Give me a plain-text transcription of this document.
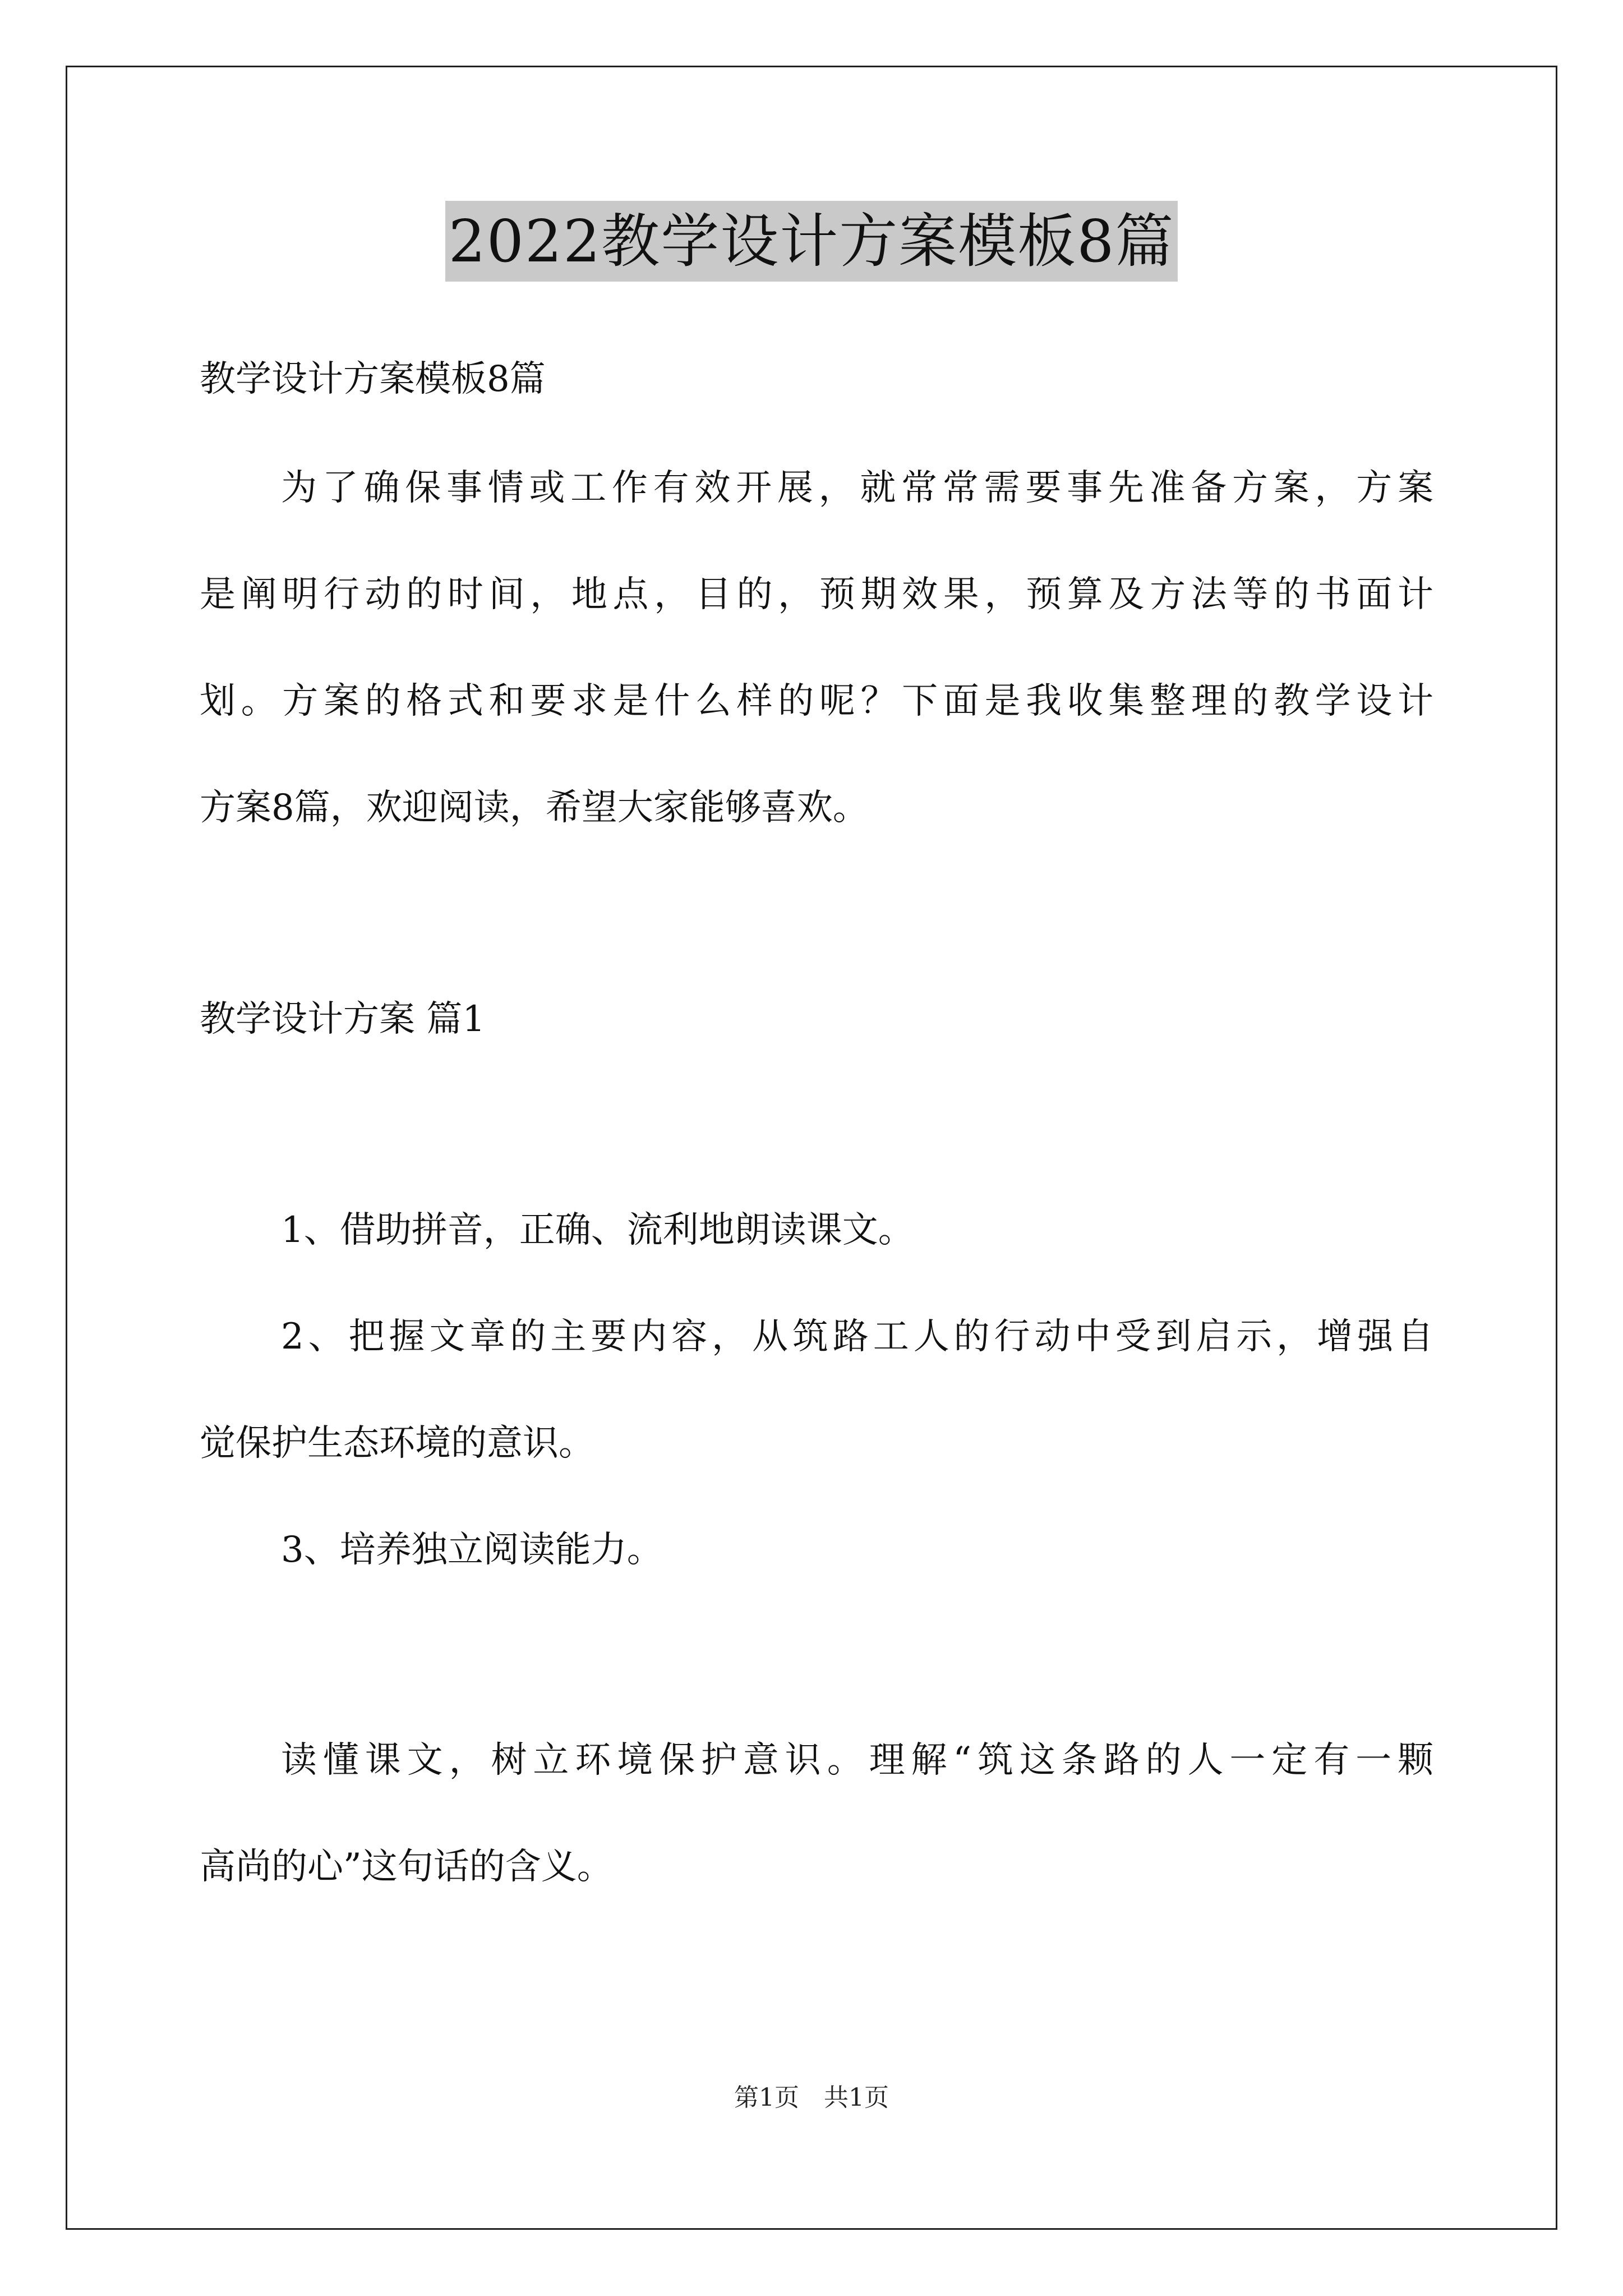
2022教学设计方案模板8篇
教学设计方案模板8篇
为了确保事情或工作有效开展，就常常需要事先准备方案，方案
是阐明行动的时间，地点，目的，预期效果，预算及方法等的书面计
划。方案的格式和要求是什么样的呢？下面是我收集整理的教学设计
方案8篇，欢迎阅读，希望大家能够喜欢。
教学设计方案 篇1
1、借助拼音，正确、流利地朗读课文。
2、把握文章的主要内容，从筑路工人的行动中受到启示，增强自
觉保护生态环境的意识。
3、培养独立阅读能力。
读懂课文，树立环境保护意识。理解“筑这条路的人一定有一颗
高尚的心”这句话的含义。
第1页 共1页
